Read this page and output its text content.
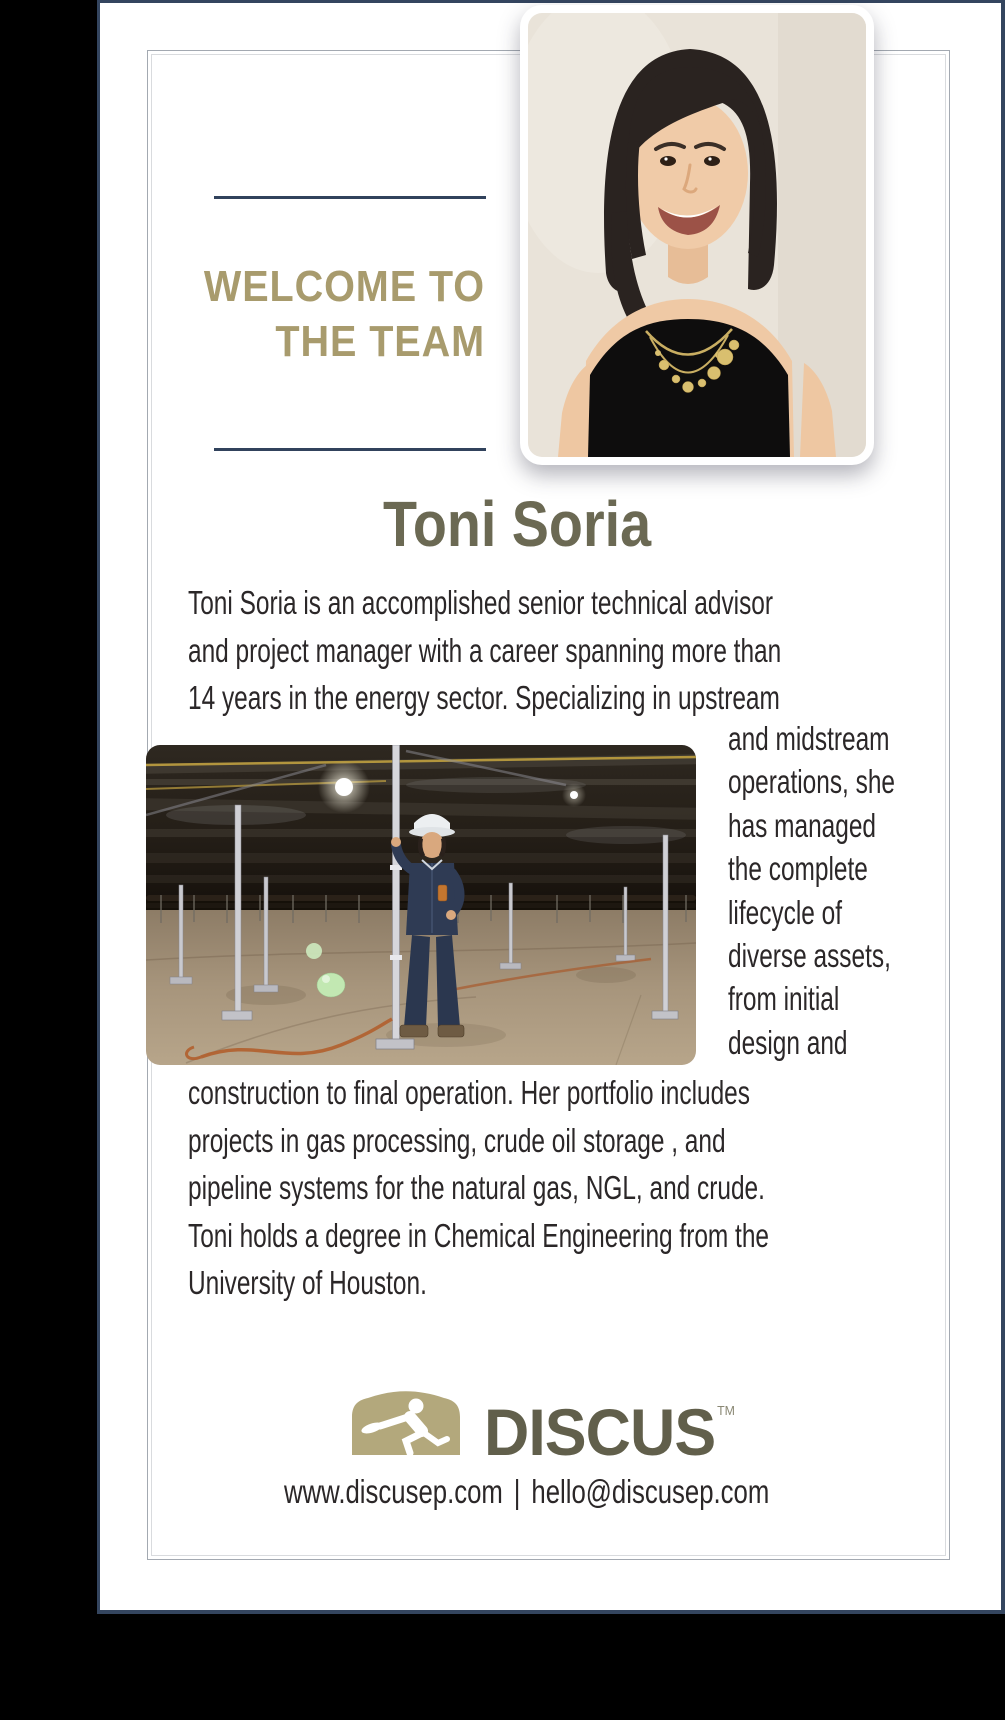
WELCOME TO
THE TEAM
Toni Soria
Toni Soria is an accomplished senior technical advisor
and project manager with a career spanning more than
14 years in the energy sector. Specializing in upstream
and midstream
operations, she
has managed
the complete
lifecycle of
diverse assets,
from initial
design and
construction to final operation. Her portfolio includes
projects in gas processing, crude oil storage , and
pipeline systems for the natural gas, NGL, and crude.
Toni holds a degree in Chemical Engineering from the
University of Houston.
DISCUS TM
www.discusep.com | hello@discusep.com
